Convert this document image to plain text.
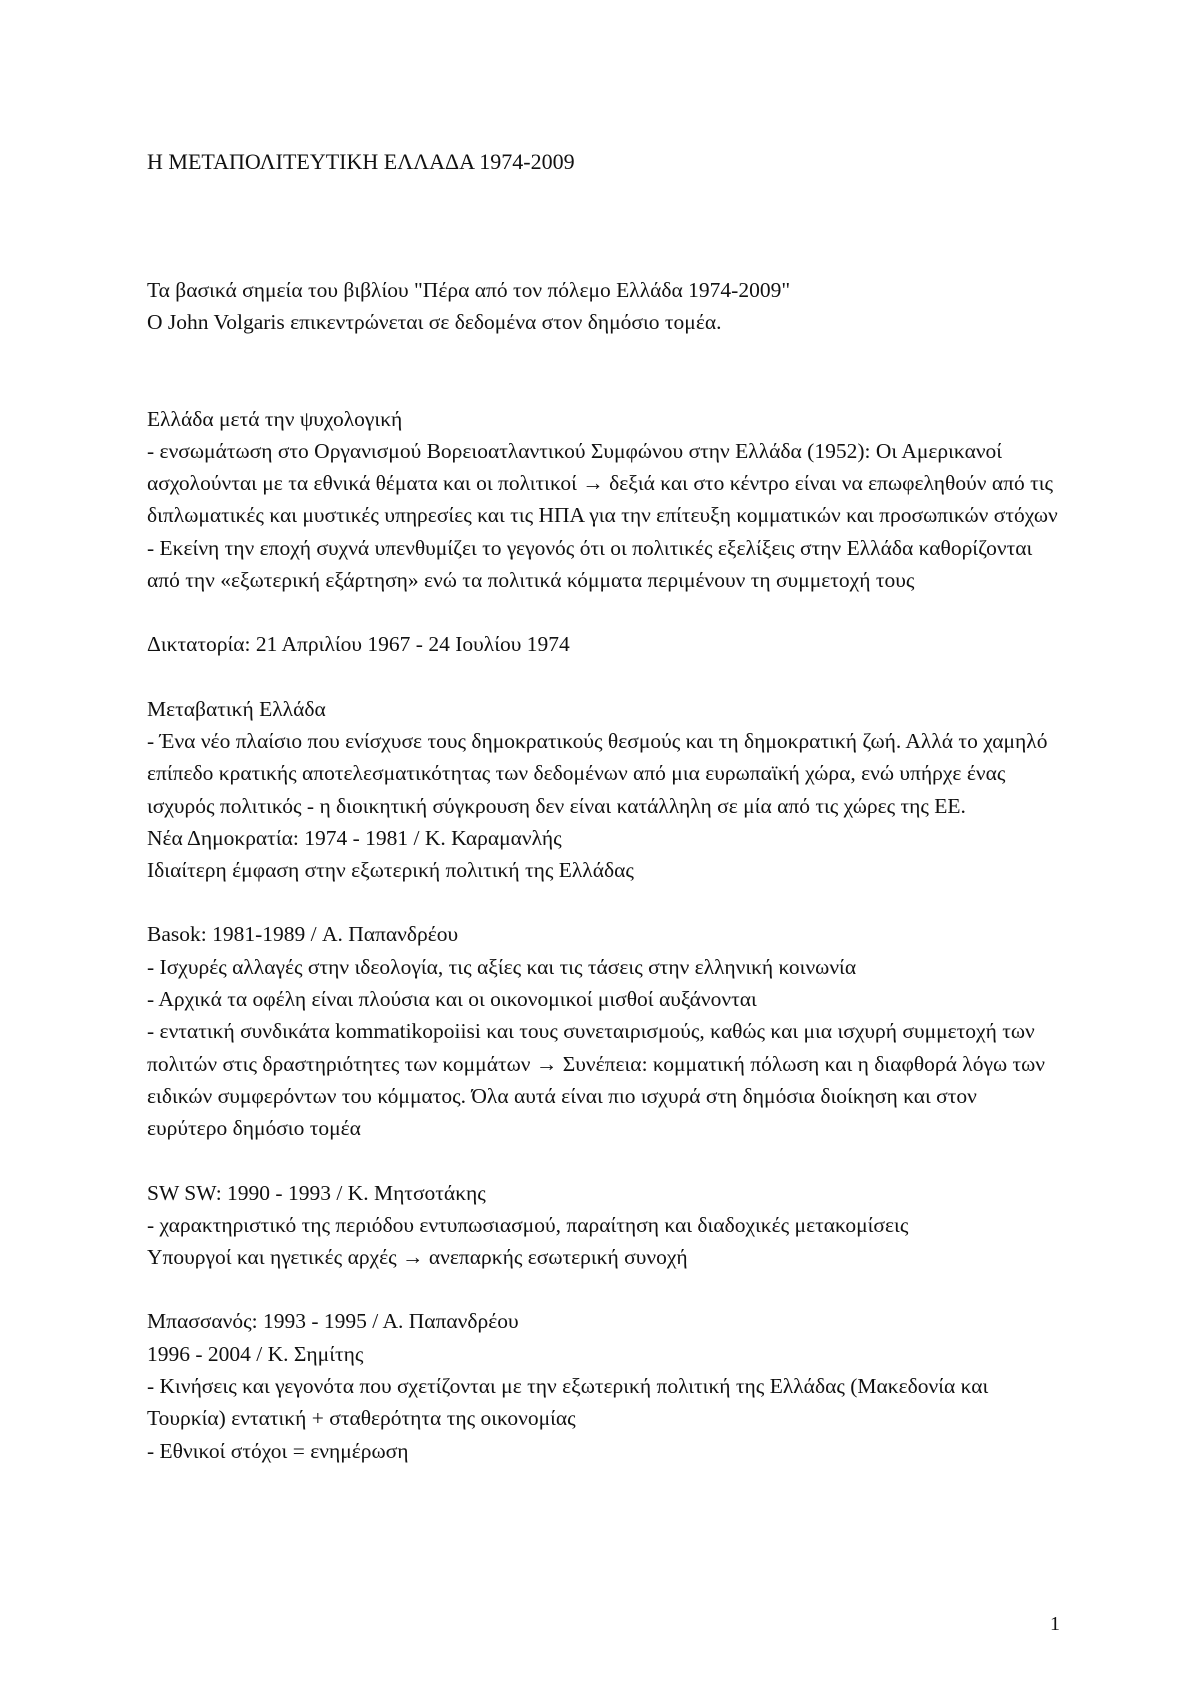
Η ΜΕΤΑΠΟΛΙΤΕΥΤΙΚΗ ΕΛΛΑΔΑ 1974-2009

Τα βασικά σημεία του βιβλίου "Πέρα από τον πόλεμο Ελλάδα 1974-2009"

Ο John Volgaris επικεντρώνεται σε δεδομένα στον δημόσιο τομέα.

Ελλάδα μετά την ψυχολογική

- ενσωμάτωση στο Οργανισμού Βορειοατλαντικού Συμφώνου στην Ελλάδα (1952): Οι Αμερικανοί ασχολούνται με τα εθνικά θέματα και οι πολιτικοί → δεξιά και στο κέντρο είναι να επωφεληθούν από τις διπλωματικές και μυστικές υπηρεσίες και τις ΗΠΑ για την επίτευξη κομματικών και προσωπικών στόχων

- Εκείνη την εποχή συχνά υπενθυμίζει το γεγονός ότι οι πολιτικές εξελίξεις στην Ελλάδα καθορίζονται από την «εξωτερική εξάρτηση» ενώ τα πολιτικά κόμματα περιμένουν τη συμμετοχή τους

Δικτατορία: 21 Απριλίου 1967 - 24 Ιουλίου 1974

Μεταβατική Ελλάδα

- Ένα νέο πλαίσιο που ενίσχυσε τους δημοκρατικούς θεσμούς και τη δημοκρατική ζωή. Αλλά το χαμηλό επίπεδο κρατικής αποτελεσματικότητας των δεδομένων από μια ευρωπαϊκή χώρα, ενώ υπήρχε ένας ισχυρός πολιτικός - η διοικητική σύγκρουση δεν είναι κατάλληλη σε μία από τις χώρες της ΕΕ.

Νέα Δημοκρατία: 1974 - 1981 / Κ. Καραμανλής

Ιδιαίτερη έμφαση στην εξωτερική πολιτική της Ελλάδας

Basok: 1981-1989 / Α. Παπανδρέου

- Ισχυρές αλλαγές στην ιδεολογία, τις αξίες και τις τάσεις στην ελληνική κοινωνία

- Αρχικά τα οφέλη είναι πλούσια και οι οικονομικοί μισθοί αυξάνονται

- εντατική συνδικάτα kommatikopoiisi και τους συνεταιρισμούς, καθώς και μια ισχυρή συμμετοχή των πολιτών στις δραστηριότητες των κομμάτων → Συνέπεια: κομματική πόλωση και η διαφθορά λόγω των ειδικών συμφερόντων του κόμματος. Όλα αυτά είναι πιο ισχυρά στη δημόσια διοίκηση και στον ευρύτερο δημόσιο τομέα

SW SW: 1990 - 1993 / Κ. Μητσοτάκης

- χαρακτηριστικό της περιόδου εντυπωσιασμού, παραίτηση και διαδοχικές μετακομίσεις

Υπουργοί και ηγετικές αρχές → ανεπαρκής εσωτερική συνοχή

Μπασσανός: 1993 - 1995 / Α. Παπανδρέου

1996 - 2004 / Κ. Σημίτης

- Κινήσεις και γεγονότα που σχετίζονται με την εξωτερική πολιτική της Ελλάδας (Μακεδονία και Τουρκία) εντατική + σταθερότητα της οικονομίας

- Εθνικοί στόχοι = ενημέρωση

1
